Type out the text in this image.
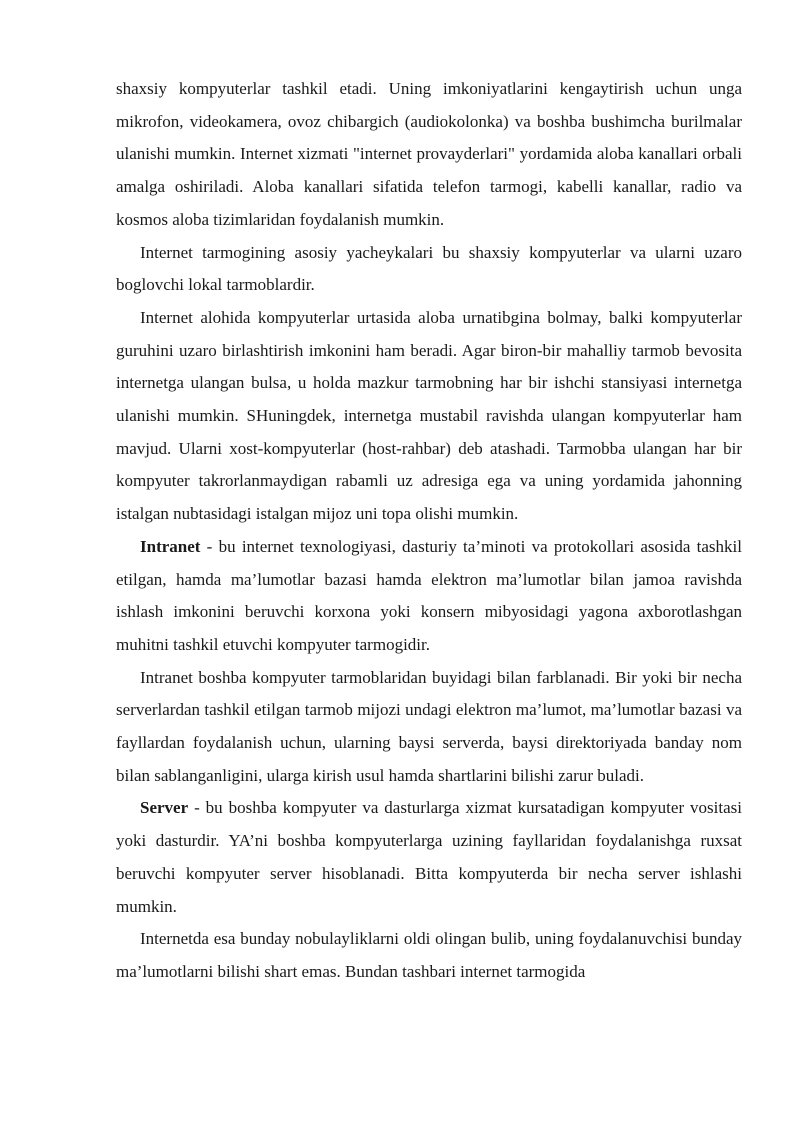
shaxsiy kompyuterlar tashkil etadi. Uning imkoniyatlarini kengaytirish uchun unga mikrofon, videokamera, ovoz chibargich (audiokolonka) va boshba bushimcha burilmalar ulanishi mumkin. Internet xizmati "internet provayderlari" yordamida aloba kanallari orbali amalga oshiriladi. Aloba kanallari sifatida telefon tarmogi, kabelli kanallar, radio va kosmos aloba tizimlaridan foydalanish mumkin.

Internet tarmogining asosiy yacheykalari bu shaxsiy kompyuterlar va ularni uzaro boglovchi lokal tarmoblardir.

Internet alohida kompyuterlar urtasida aloba urnatibgina bolmay, balki kompyuterlar guruhini uzaro birlashtirish imkonini ham beradi. Agar biron-bir mahalliy tarmob bevosita internetga ulangan bulsa, u holda mazkur tarmobning har bir ishchi stansiyasi internetga ulanishi mumkin. SHuningdek, internetga mustabil ravishda ulangan kompyuterlar ham mavjud. Ularni xost-kompyuterlar (host-rahbar) deb atashadi. Tarmobba ulangan har bir kompyuter takrorlanmaydigan rabamli uz adresiga ega va uning yordamida jahonning istalgan nubtasidagi istalgan mijoz uni topa olishi mumkin.

Intranet - bu internet texnologiyasi, dasturiy ta’minoti va protokollari asosida tashkil etilgan, hamda ma’lumotlar bazasi hamda elektron ma’lumotlar bilan jamoa ravishda ishlash imkonini beruvchi korxona yoki konsern mibyosidagi yagona axborotlashgan muhitni tashkil etuvchi kompyuter tarmogidir.

Intranet boshba kompyuter tarmoblaridan buyidagi bilan farblanadi. Bir yoki bir necha serverlardan tashkil etilgan tarmob mijozi undagi elektron ma’lumot, ma’lumotlar bazasi va fayllardan foydalanish uchun, ularning baysi serverda, baysi direktoriyada banday nom bilan sablanganligini, ularga kirish usul hamda shartlarini bilishi zarur buladi.

Server - bu boshba kompyuter va dasturlarga xizmat kursatadigan kompyuter vositasi yoki dasturdir. YA’ni boshba kompyuterlarga uzining fayllaridan foydalanishga ruxsat beruvchi kompyuter server hisoblanadi. Bitta kompyuterda bir necha server ishlashi mumkin.

Internetda esa bunday nobulayliklarni oldi olingan bulib, uning foydalanuvchisi bunday ma’lumotlarni bilishi shart emas. Bundan tashbari internet tarmogida
